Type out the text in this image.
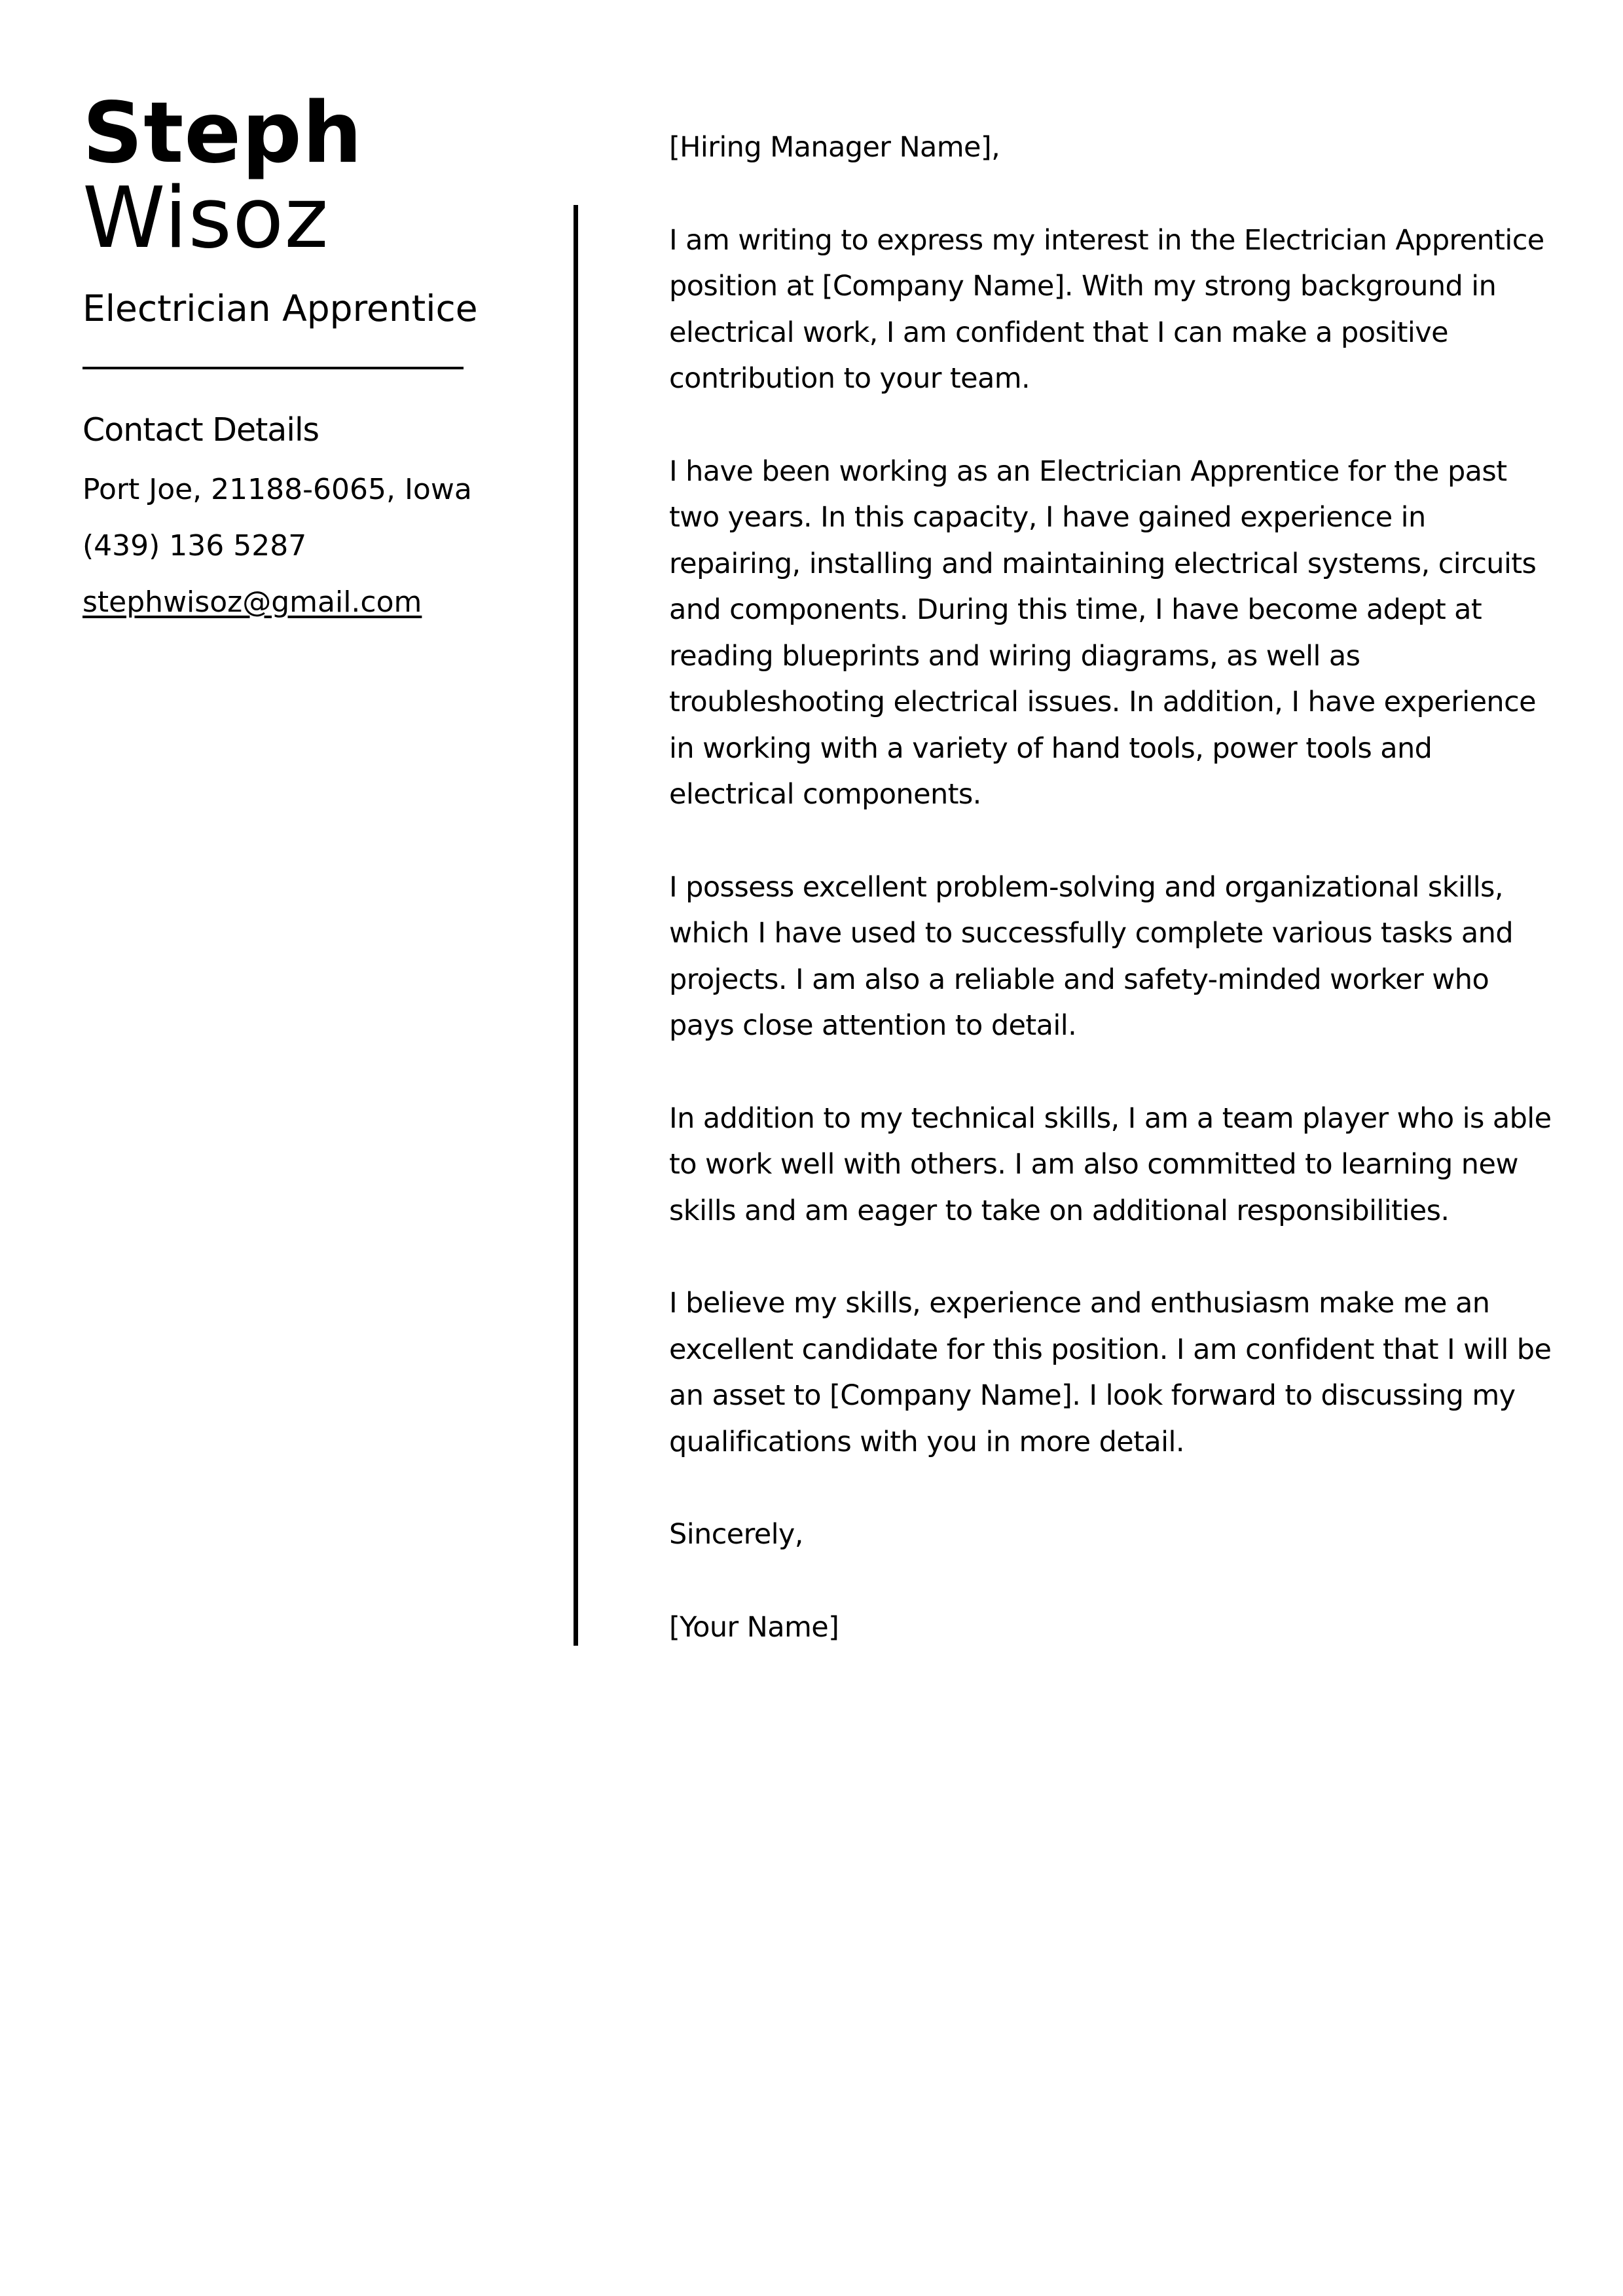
Steph
Wisoz
Electrician Apprentice
Contact Details
Port Joe, 21188-6065, Iowa
(439) 136 5287
stephwisoz@gmail.com

[Hiring Manager Name],

I am writing to express my interest in the Electrician Apprentice position at [Company Name]. With my strong background in electrical work, I am confident that I can make a positive contribution to your team.

I have been working as an Electrician Apprentice for the past two years. In this capacity, I have gained experience in repairing, installing and maintaining electrical systems, circuits and components. During this time, I have become adept at reading blueprints and wiring diagrams, as well as troubleshooting electrical issues. In addition, I have experience in working with a variety of hand tools, power tools and electrical components.

I possess excellent problem-solving and organizational skills, which I have used to successfully complete various tasks and projects. I am also a reliable and safety-minded worker who pays close attention to detail.

In addition to my technical skills, I am a team player who is able to work well with others. I am also committed to learning new skills and am eager to take on additional responsibilities.

I believe my skills, experience and enthusiasm make me an excellent candidate for this position. I am confident that I will be an asset to [Company Name]. I look forward to discussing my qualifications with you in more detail.

Sincerely,

[Your Name]
